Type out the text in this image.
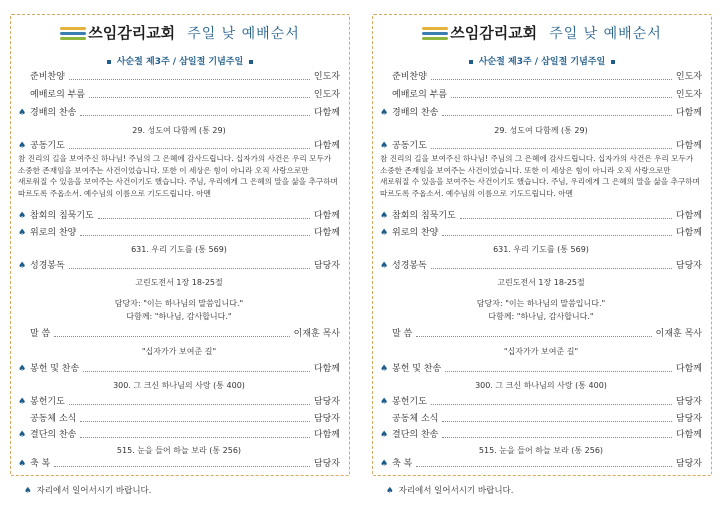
쓰임감리교회 주일 낮 예배순서
사순절 제3주 / 삼일절 기념주일
준비찬양	인도자
예배로의 부름	인도자
♠ 경배의 찬송	다함께
29. 성도여 다함께 (통 29)
♠ 공동기도	다함께
참 진리의 길을 보여주신 하나님! 주님의 그 은혜에 감사드립니다. 십자가의 사건은 우리 모두가 소중한 존재임을 보여주는 사건이었습니다. 또한 이 세상은 힘이 아니라 오직 사랑으로만 새로워질 수 있음을 보여주는 사건이기도 했습니다. 주님, 우리에게 그 은혜의 말을 삶을 추구하며 따르도록 주옵소서. 예수님의 이름으로 기도드립니다. 아멘
♠ 참회의 침묵기도	다함께
♠ 위로의 찬양	다함께
631. 우리 기도를 (통 569)
♠ 성경봉독	담당자
고린도전서 1장 18-25절
담당자: "이는 하나님의 말씀입니다."
다함께: "하나님, 감사합니다."
말 씀	이재훈 목사
"십자가가 보여준 길"
♠ 봉헌 및 찬송	다함께
300. 그 크신 하나님의 사랑 (통 400)
♠ 봉헌기도	담당자
공동체 소식	담당자
♠ 결단의 찬송	다함께
515. 눈을 들어 하늘 보라 (통 256)
♠ 축 복	담당자
♠ 자리에서 일어서시기 바랍니다.
쓰임감리교회 주일 낮 예배순서
사순절 제3주 / 삼일절 기념주일
준비찬양	인도자
예배로의 부름	인도자
♠ 경배의 찬송	다함께
29. 성도여 다함께 (통 29)
♠ 공동기도	다함께
참 진리의 길을 보여주신 하나님! 주님의 그 은혜에 감사드립니다. 십자가의 사건은 우리 모두가 소중한 존재임을 보여주는 사건이었습니다. 또한 이 세상은 힘이 아니라 오직 사랑으로만 새로워질 수 있음을 보여주는 사건이기도 했습니다. 주님, 우리에게 그 은혜의 말을 삶을 추구하며 따르도록 주옵소서. 예수님의 이름으로 기도드립니다. 아멘
♠ 참회의 침묵기도	다함께
♠ 위로의 찬양	다함께
631. 우리 기도를 (통 569)
♠ 성경봉독	담당자
고린도전서 1장 18-25절
담당자: "이는 하나님의 말씀입니다."
다함께: "하나님, 감사합니다."
말 씀	이재훈 목사
"십자가가 보여준 길"
♠ 봉헌 및 찬송	다함께
300. 그 크신 하나님의 사랑 (통 400)
♠ 봉헌기도	담당자
공동체 소식	담당자
♠ 결단의 찬송	다함께
515. 눈을 들어 하늘 보라 (통 256)
♠ 축 복	담당자
♠ 자리에서 일어서시기 바랍니다.
